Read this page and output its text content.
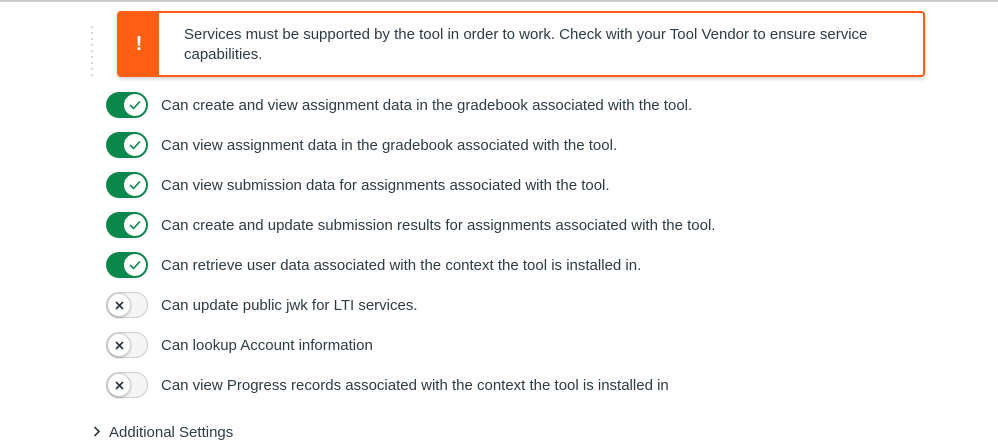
!	Services must be supported by the tool in order to work. Check with your Tool Vendor to ensure service capabilities.
Can create and view assignment data in the gradebook associated with the tool.
Can view assignment data in the gradebook associated with the tool.
Can view submission data for assignments associated with the tool.
Can create and update submission results for assignments associated with the tool.
Can retrieve user data associated with the context the tool is installed in.
Can update public jwk for LTI services.
Can lookup Account information
Can view Progress records associated with the context the tool is installed in
Additional Settings
